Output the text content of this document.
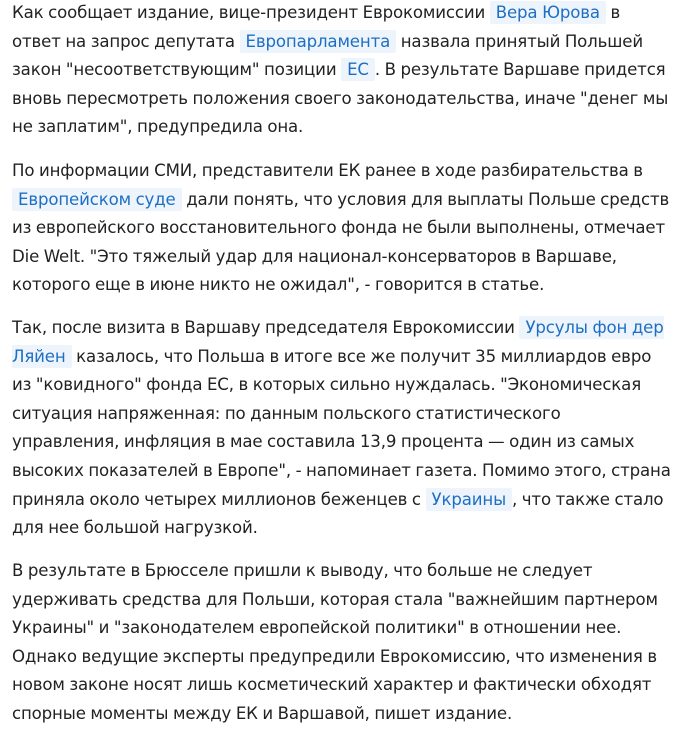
Как сообщает издание, вице-президент Еврокомиссии Вера Юрова в ответ на запрос депутата Европарламента назвала принятый Польшей закон "несоответствующим" позиции ЕС . В результате Варшаве придется вновь пересмотреть положения своего законодательства, иначе "денег мы не заплатим", предупредила она.

По информации СМИ, представители ЕК ранее в ходе разбирательства в Европейском суде дали понять, что условия для выплаты Польше средств из европейского восстановительного фонда не были выполнены, отмечает Die Welt. "Это тяжелый удар для национал-консерваторов в Варшаве, которого еще в июне никто не ожидал", - говорится в статье.

Так, после визита в Варшаву председателя Еврокомиссии Урсулы фон дер Ляйен казалось, что Польша в итоге все же получит 35 миллиардов евро из "ковидного" фонда ЕС, в которых сильно нуждалась. "Экономическая ситуация напряженная: по данным польского статистического управления, инфляция в мае составила 13,9 процента — один из самых высоких показателей в Европе", - напоминает газета. Помимо этого, страна приняла около четырех миллионов беженцев с Украины , что также стало для нее большой нагрузкой.

В результате в Брюсселе пришли к выводу, что больше не следует удерживать средства для Польши, которая стала "важнейшим партнером Украины" и "законодателем европейской политики" в отношении нее. Однако ведущие эксперты предупредили Еврокомиссию, что изменения в новом законе носят лишь косметический характер и фактически обходят спорные моменты между ЕК и Варшавой, пишет издание.
